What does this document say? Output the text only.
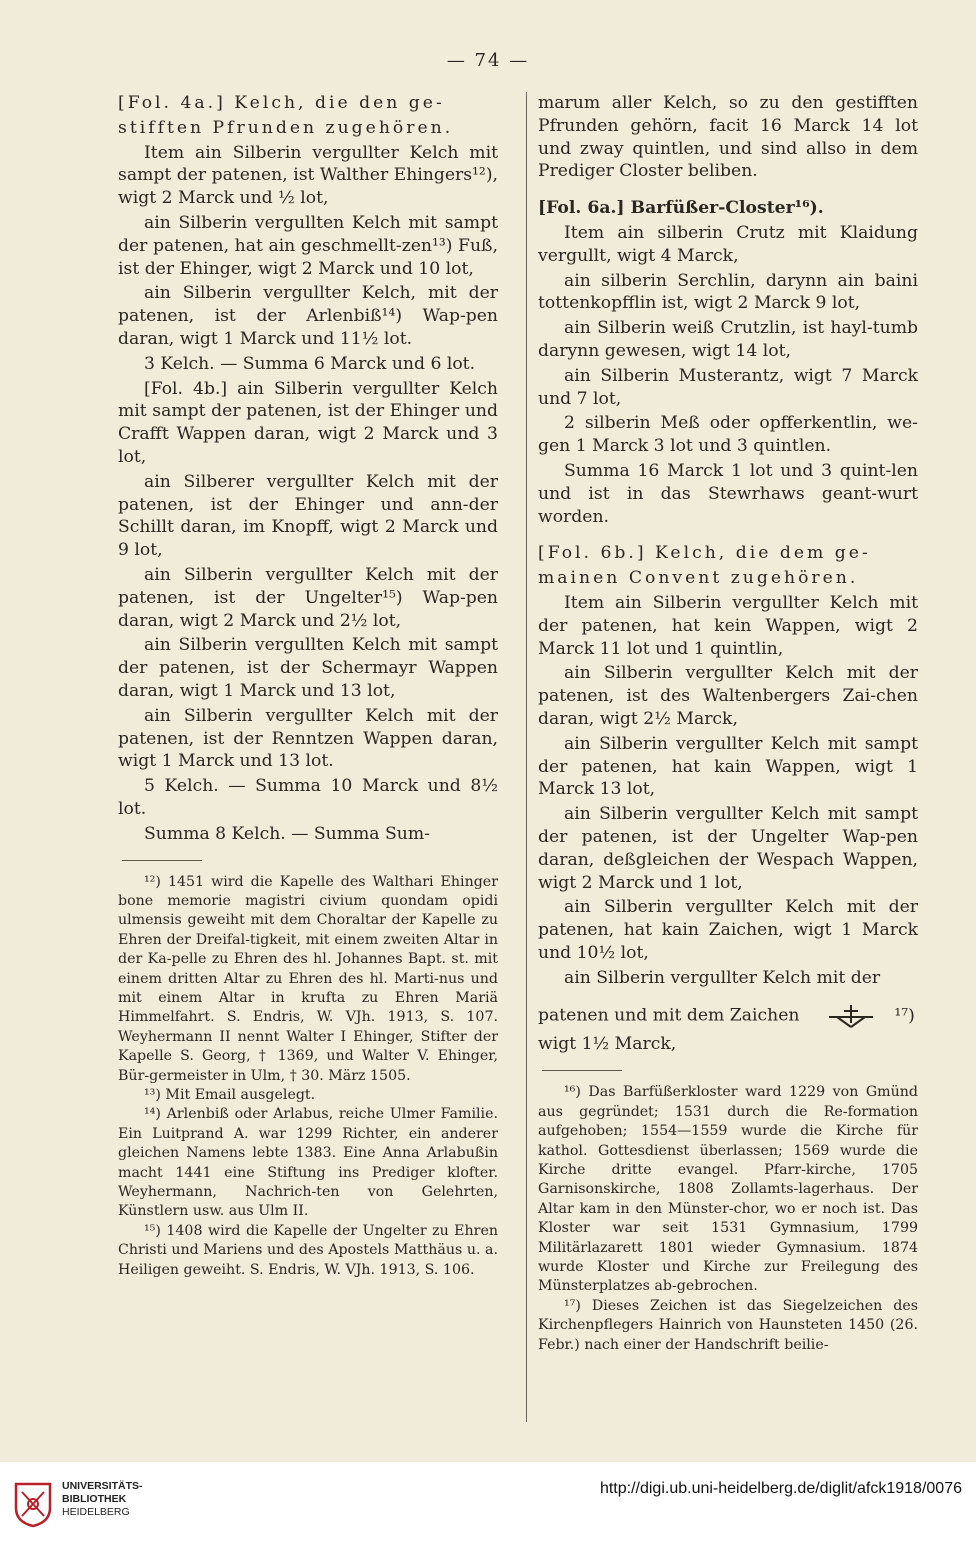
— 74 —

[Fol. 4a.] Kelch, die den ge-

stifften Pfrunden zugehören.

Item ain Silberin vergullter Kelch mit sampt der patenen, ist Walther Ehingers¹²), wigt 2 Marck und ½ lot,

ain Silberin vergullten Kelch mit sampt der patenen, hat ain geschmellt-zen¹³) Fuß, ist der Ehinger, wigt 2 Marck und 10 lot,

ain Silberin vergullter Kelch, mit der patenen, ist der Arlenbiß¹⁴) Wap-pen daran, wigt 1 Marck und 11½ lot.

3 Kelch. — Summa 6 Marck und 6 lot.

[Fol. 4b.] ain Silberin vergullter Kelch mit sampt der patenen, ist der Ehinger und Crafft Wappen daran, wigt 2 Marck und 3 lot,

ain Silberer vergullter Kelch mit der patenen, ist der Ehinger und ann-der Schillt daran, im Knopff, wigt 2 Marck und 9 lot,

ain Silberin vergullter Kelch mit der patenen, ist der Ungelter¹⁵) Wap-pen daran, wigt 2 Marck und 2½ lot,

ain Silberin vergullten Kelch mit sampt der patenen, ist der Schermayr Wappen daran, wigt 1 Marck und 13 lot,

ain Silberin vergullter Kelch mit der patenen, ist der Renntzen Wappen daran, wigt 1 Marck und 13 lot.

5 Kelch. — Summa 10 Marck und 8½ lot.

Summa 8 Kelch. — Summa Sum-

¹²) 1451 wird die Kapelle des Walthari Ehinger bone memorie magistri civium quondam opidi ulmensis geweiht mit dem Choraltar der Kapelle zu Ehren der Dreifal-tigkeit, mit einem zweiten Altar in der Ka-pelle zu Ehren des hl. Johannes Bapt. st. mit einem dritten Altar zu Ehren des hl. Marti-nus und mit einem Altar in krufta zu Ehren Mariä Himmelfahrt. S. Endris, W. VJh. 1913, S. 107. Weyhermann II nennt Walter I Ehinger, Stifter der Kapelle S. Georg, † 1369, und Walter V. Ehinger, Bür-germeister in Ulm, † 30. März 1505.

¹³) Mit Email ausgelegt.

¹⁴) Arlenbiß oder Arlabus, reiche Ulmer Familie. Ein Luitprand A. war 1299 Richter, ein anderer gleichen Namens lebte 1383. Eine Anna Arlabußin macht 1441 eine Stiftung ins Prediger klofter. Weyhermann, Nachrich-ten von Gelehrten, Künstlern usw. aus Ulm II.

¹⁵) 1408 wird die Kapelle der Ungelter zu Ehren Christi und Mariens und des Apostels Matthäus u. a. Heiligen geweiht. S. Endris, W. VJh. 1913, S. 106.

marum aller Kelch, so zu den gestifften Pfrunden gehörn, facit 16 Marck 14 lot und zway quintlen, und sind allso in dem Prediger Closter beliben.

[Fol. 6a.] Barfüßer-Closter¹⁶).

Item ain silberin Crutz mit Klaidung vergullt, wigt 4 Marck,

ain silberin Serchlin, darynn ain baini tottenkopfflin ist, wigt 2 Marck 9 lot,

ain Silberin weiß Crutzlin, ist hayl-tumb darynn gewesen, wigt 14 lot,

ain Silberin Musterantz, wigt 7 Marck und 7 lot,

2 silberin Meß oder opfferkentlin, we-gen 1 Marck 3 lot und 3 quintlen.

Summa 16 Marck 1 lot und 3 quint-len und ist in das Stewrhaws geant-wurt worden.

[Fol. 6b.] Kelch, die dem ge-

mainen Convent zugehören.

Item ain Silberin vergullter Kelch mit der patenen, hat kein Wappen, wigt 2 Marck 11 lot und 1 quintlin,

ain Silberin vergullter Kelch mit der patenen, ist des Waltenbergers Zai-chen daran, wigt 2½ Marck,

ain Silberin vergullter Kelch mit sampt der patenen, hat kain Wappen, wigt 1 Marck 13 lot,

ain Silberin vergullter Kelch mit sampt der patenen, ist der Ungelter Wap-pen daran, deßgleichen der Wespach Wappen, wigt 2 Marck und 1 lot,

ain Silberin vergullter Kelch mit der patenen, hat kain Zaichen, wigt 1 Marck und 10½ lot,

ain Silberin vergullter Kelch mit der

patenen und mit dem Zaichen	¹⁷)

wigt 1½ Marck,

¹⁶) Das Barfüßerkloster ward 1229 von Gmünd aus gegründet; 1531 durch die Re-formation aufgehoben; 1554—1559 wurde die Kirche für kathol. Gottesdienst überlassen; 1569 wurde die Kirche dritte evangel. Pfarr-kirche, 1705 Garnisonskirche, 1808 Zollamts-lagerhaus. Der Altar kam in den Münster-chor, wo er noch ist. Das Kloster war seit 1531 Gymnasium, 1799 Militärlazarett 1801 wieder Gymnasium. 1874 wurde Kloster und Kirche zur Freilegung des Münsterplatzes ab-gebrochen.

¹⁷) Dieses Zeichen ist das Siegelzeichen des Kirchenpflegers Hainrich von Haunsteten 1450 (26. Febr.) nach einer der Handschrift beilie-

UNIVERSITÄTS-
BIBLIOTHEK
HEIDELBERG
http://digi.ub.uni-heidelberg.de/diglit/afck1918/0076
